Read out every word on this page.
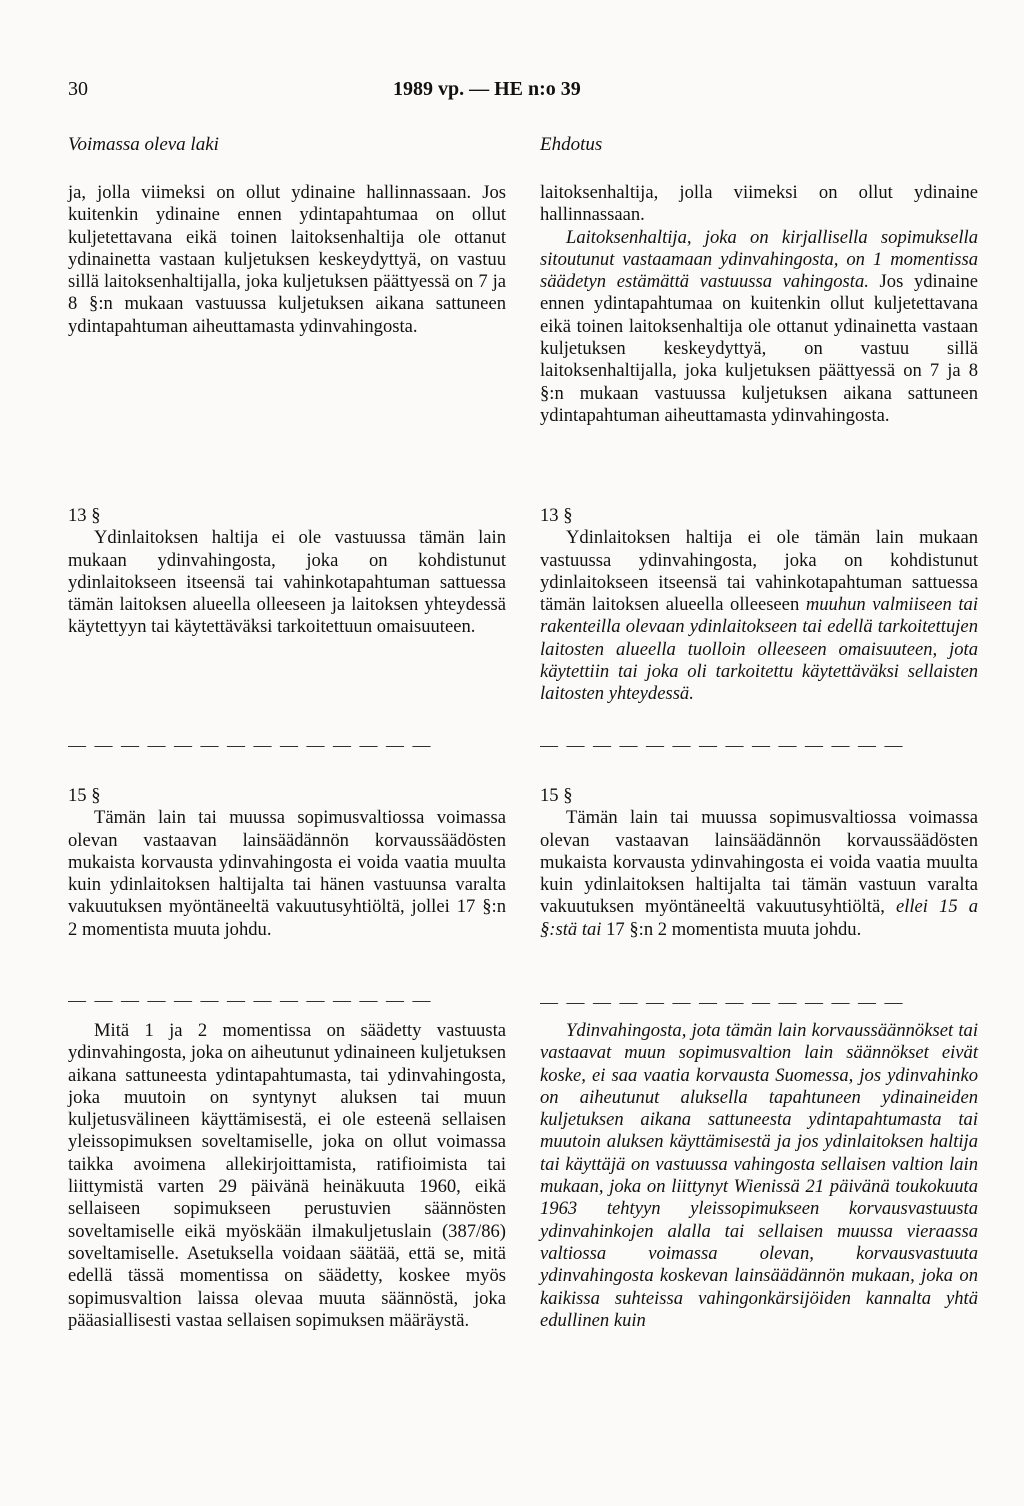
30	1989 vp. — HE n:o 39
Voimassa oleva laki	Ehdotus

ja, jolla viimeksi on ollut ydinaine hallinnassaan. Jos kuitenkin ydinaine ennen ydintapahtumaa on ollut kuljetettavana eikä toinen laitoksenhaltija ole ottanut ydinainetta vastaan kuljetuksen keskeydyttyä, on vastuu sillä laitoksenhaltijalla, joka kuljetuksen päättyessä on 7 ja 8 §:n mukaan vastuussa kuljetuksen aikana sattuneen ydintapahtuman aiheuttamasta ydinvahingosta.

13 §

Ydinlaitoksen haltija ei ole vastuussa tämän lain mukaan ydinvahingosta, joka on kohdistunut ydinlaitokseen itseensä tai vahinkotapahtuman sattuessa tämän laitoksen alueella olleeseen ja laitoksen yhteydessä käytettyyn tai käytettäväksi tarkoitettuun omaisuuteen.

— — — — — — — — — — — — — —

15 §

Tämän lain tai muussa sopimusvaltiossa voimassa olevan vastaavan lainsäädännön korvaussäädösten mukaista korvausta ydinvahingosta ei voida vaatia muulta kuin ydinlaitoksen haltijalta tai hänen vastuunsa varalta vakuutuksen myöntäneeltä vakuutusyhtiöltä, jollei 17 §:n 2 momentista muuta johdu.

— — — — — — — — — — — — — —

Mitä 1 ja 2 momentissa on säädetty vastuusta ydinvahingosta, joka on aiheutunut ydinaineen kuljetuksen aikana sattuneesta ydintapahtumasta, tai ydinvahingosta, joka muutoin on syntynyt aluksen tai muun kuljetusvälineen käyttämisestä, ei ole esteenä sellaisen yleissopimuksen soveltamiselle, joka on ollut voimassa taikka avoimena allekirjoittamista, ratifioimista tai liittymistä varten 29 päivänä heinäkuuta 1960, eikä sellaiseen sopimukseen perustuvien säännösten soveltamiselle eikä myöskään ilmakuljetuslain (387/86) soveltamiselle. Asetuksella voidaan säätää, että se, mitä edellä tässä momentissa on säädetty, koskee myös sopimusvaltion laissa olevaa muuta säännöstä, joka pääasiallisesti vastaa sellaisen sopimuksen määräystä.

laitoksenhaltija, jolla viimeksi on ollut ydinaine hallinnassaan.

Laitoksenhaltija, joka on kirjallisella sopimuksella sitoutunut vastaamaan ydinvahingosta, on 1 momentissa säädetyn estämättä vastuussa vahingosta. Jos ydinaine ennen ydintapahtumaa on kuitenkin ollut kuljetettavana eikä toinen laitoksenhaltija ole ottanut ydinainetta vastaan kuljetuksen keskeydyttyä, on vastuu sillä laitoksenhaltijalla, joka kuljetuksen päättyessä on 7 ja 8 §:n mukaan vastuussa kuljetuksen aikana sattuneen ydintapahtuman aiheuttamasta ydinvahingosta.

13 §

Ydinlaitoksen haltija ei ole tämän lain mukaan vastuussa ydinvahingosta, joka on kohdistunut ydinlaitokseen itseensä tai vahinkotapahtuman sattuessa tämän laitoksen alueella olleeseen muuhun valmiiseen tai rakenteilla olevaan ydinlaitokseen tai edellä tarkoitettujen laitosten alueella tuolloin olleeseen omaisuuteen, jota käytettiin tai joka oli tarkoitettu käytettäväksi sellaisten laitosten yhteydessä.

— — — — — — — — — — — — — —

15 §

Tämän lain tai muussa sopimusvaltiossa voimassa olevan vastaavan lainsäädännön korvaussäädösten mukaista korvausta ydinvahingosta ei voida vaatia muulta kuin ydinlaitoksen haltijalta tai tämän vastuun varalta vakuutuksen myöntäneeltä vakuutusyhtiöltä, ellei 15 a §:stä tai 17 §:n 2 momentista muuta johdu.

— — — — — — — — — — — — — —

Ydinvahingosta, jota tämän lain korvaussäännökset tai vastaavat muun sopimusvaltion lain säännökset eivät koske, ei saa vaatia korvausta Suomessa, jos ydinvahinko on aiheutunut aluksella tapahtuneen ydinaineiden kuljetuksen aikana sattuneesta ydintapahtumasta tai muutoin aluksen käyttämisestä ja jos ydinlaitoksen haltija tai käyttäjä on vastuussa vahingosta sellaisen valtion lain mukaan, joka on liittynyt Wienissä 21 päivänä toukokuuta 1963 tehtyyn yleissopimukseen korvausvastuusta ydinvahinkojen alalla tai sellaisen muussa vieraassa valtiossa voimassa olevan, korvausvastuuta ydinvahingosta koskevan lainsäädännön mukaan, joka on kaikissa suhteissa vahingonkärsijöiden kannalta yhtä edullinen kuin
